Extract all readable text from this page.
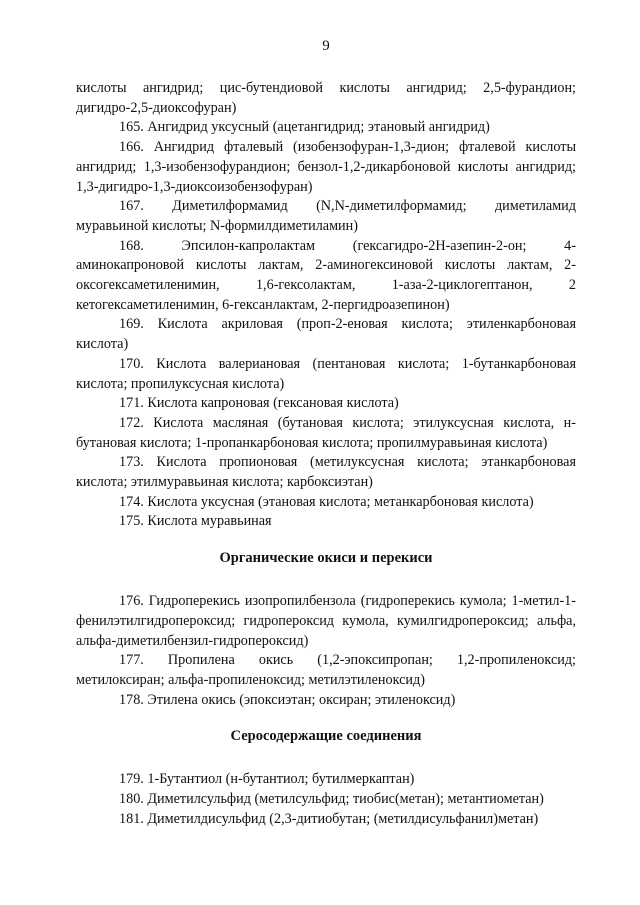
9

кислоты ангидрид; цис-бутендиовой кислоты ангидрид; 2,5-фурандион; дигидро-2,5-диоксофуран)

165. Ангидрид уксусный (ацетангидрид; этановый ангидрид)

166. Ангидрид фталевый (изобензофуран-1,3-дион; фталевой кислоты ангидрид; 1,3-изобензофурандион; бензол-1,2-дикарбоновой кислоты ангидрид; 1,3-дигидро-1,3-диоксоизобензофуран)

167. Диметилформамид (N,N-диметилформамид; диметиламид муравьиной кислоты; N-формилдиметиламин)

168. Эпсилон-капролактам (гексагидро-2Н-азепин-2-он; 4-аминокапроновой кислоты лактам, 2-аминогексиновой кислоты лактам, 2-оксогексаметиленимин, 1,6-гексолактам, 1-аза-2-циклогептанон, 2 кетогексаметиленимин, 6-гексанлактам, 2-пергидроазепинон)

169. Кислота акриловая (проп-2-еновая кислота; этиленкарбоновая кислота)

170. Кислота валериановая (пентановая кислота; 1-бутанкарбоновая кислота; пропилуксусная кислота)

171. Кислота капроновая (гексановая кислота)

172. Кислота масляная (бутановая кислота; этилуксусная кислота, н-бутановая кислота; 1-пропанкарбоновая кислота; пропилмуравьиная кислота)

173. Кислота пропионовая (метилуксусная кислота; этанкарбоновая кислота; этилмуравьиная кислота; карбоксиэтан)

174. Кислота уксусная (этановая кислота; метанкарбоновая кислота)

175. Кислота муравьиная

Органические окиси и перекиси

176. Гидроперекись изопропилбензола (гидроперекись кумола; 1-метил-1-фенилэтилгидропероксид; гидропероксид кумола, кумилгидропероксид; альфа, альфа-диметилбензил-гидропероксид)

177. Пропилена окись (1,2-эпоксипропан; 1,2-пропиленоксид; метилоксиран; альфа-пропиленоксид; метилэтиленоксид)

178. Этилена окись (эпоксиэтан; оксиран; этиленоксид)

Серосодержащие соединения

179. 1-Бутантиол (н-бутантиол; бутилмеркаптан)

180. Диметилсульфид (метилсульфид; тиобис(метан); метантиометан)

181. Диметилдисульфид (2,3-дитиобутан; (метилдисульфанил)метан)
